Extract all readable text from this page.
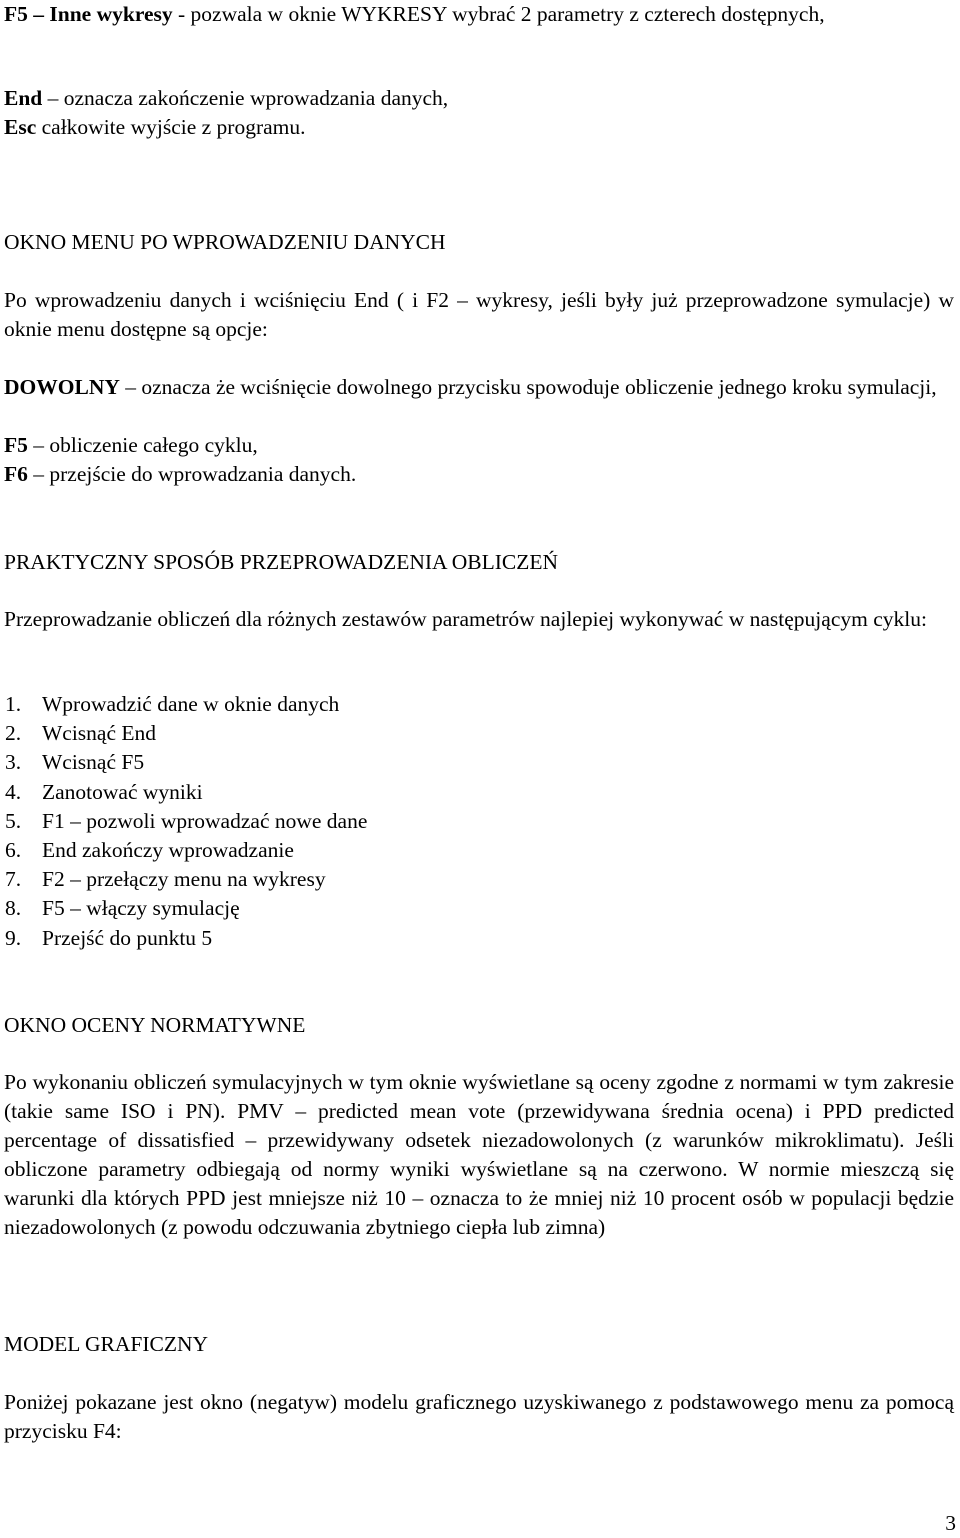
F5 – Inne wykresy - pozwala w oknie WYKRESY wybrać 2 parametry z czterech dostępnych,
End – oznacza zakończenie wprowadzania danych,
Esc całkowite wyjście z programu.
OKNO MENU PO WPROWADZENIU DANYCH
Po wprowadzeniu danych i wciśnięciu End ( i F2 – wykresy, jeśli były już przeprowadzone symulacje) w oknie menu dostępne są opcje:
DOWOLNY – oznacza że wciśnięcie dowolnego przycisku spowoduje obliczenie jednego kroku symulacji,
F5 – obliczenie całego cyklu,
F6 – przejście do wprowadzania danych.
PRAKTYCZNY SPOSÓB PRZEPROWADZENIA OBLICZEŃ
Przeprowadzanie obliczeń dla różnych zestawów parametrów najlepiej wykonywać w następującym cyklu:
1. Wprowadzić dane w oknie danych
2. Wcisnąć End
3. Wcisnąć F5
4. Zanotować wyniki
5. F1 – pozwoli wprowadzać nowe dane
6. End zakończy wprowadzanie
7. F2 – przełączy menu na wykresy
8. F5 – włączy symulację
9. Przejść do punktu 5
OKNO OCENY NORMATYWNE
Po wykonaniu obliczeń symulacyjnych w tym oknie wyświetlane są oceny zgodne z normami w tym zakresie (takie same ISO i PN). PMV – predicted mean vote (przewidywana średnia ocena) i PPD predicted percentage of dissatisfied – przewidywany odsetek niezadowolonych (z warunków mikroklimatu). Jeśli obliczone parametry odbiegają od normy wyniki wyświetlane są na czerwono. W normie mieszczą się warunki dla których PPD jest mniejsze niż 10 – oznacza to że mniej niż 10 procent osób w populacji będzie niezadowolonych (z powodu odczuwania zbytniego ciepła lub zimna)
MODEL GRAFICZNY
Poniżej pokazane jest okno (negatyw) modelu graficznego uzyskiwanego z podstawowego menu za pomocą przycisku F4:
3
